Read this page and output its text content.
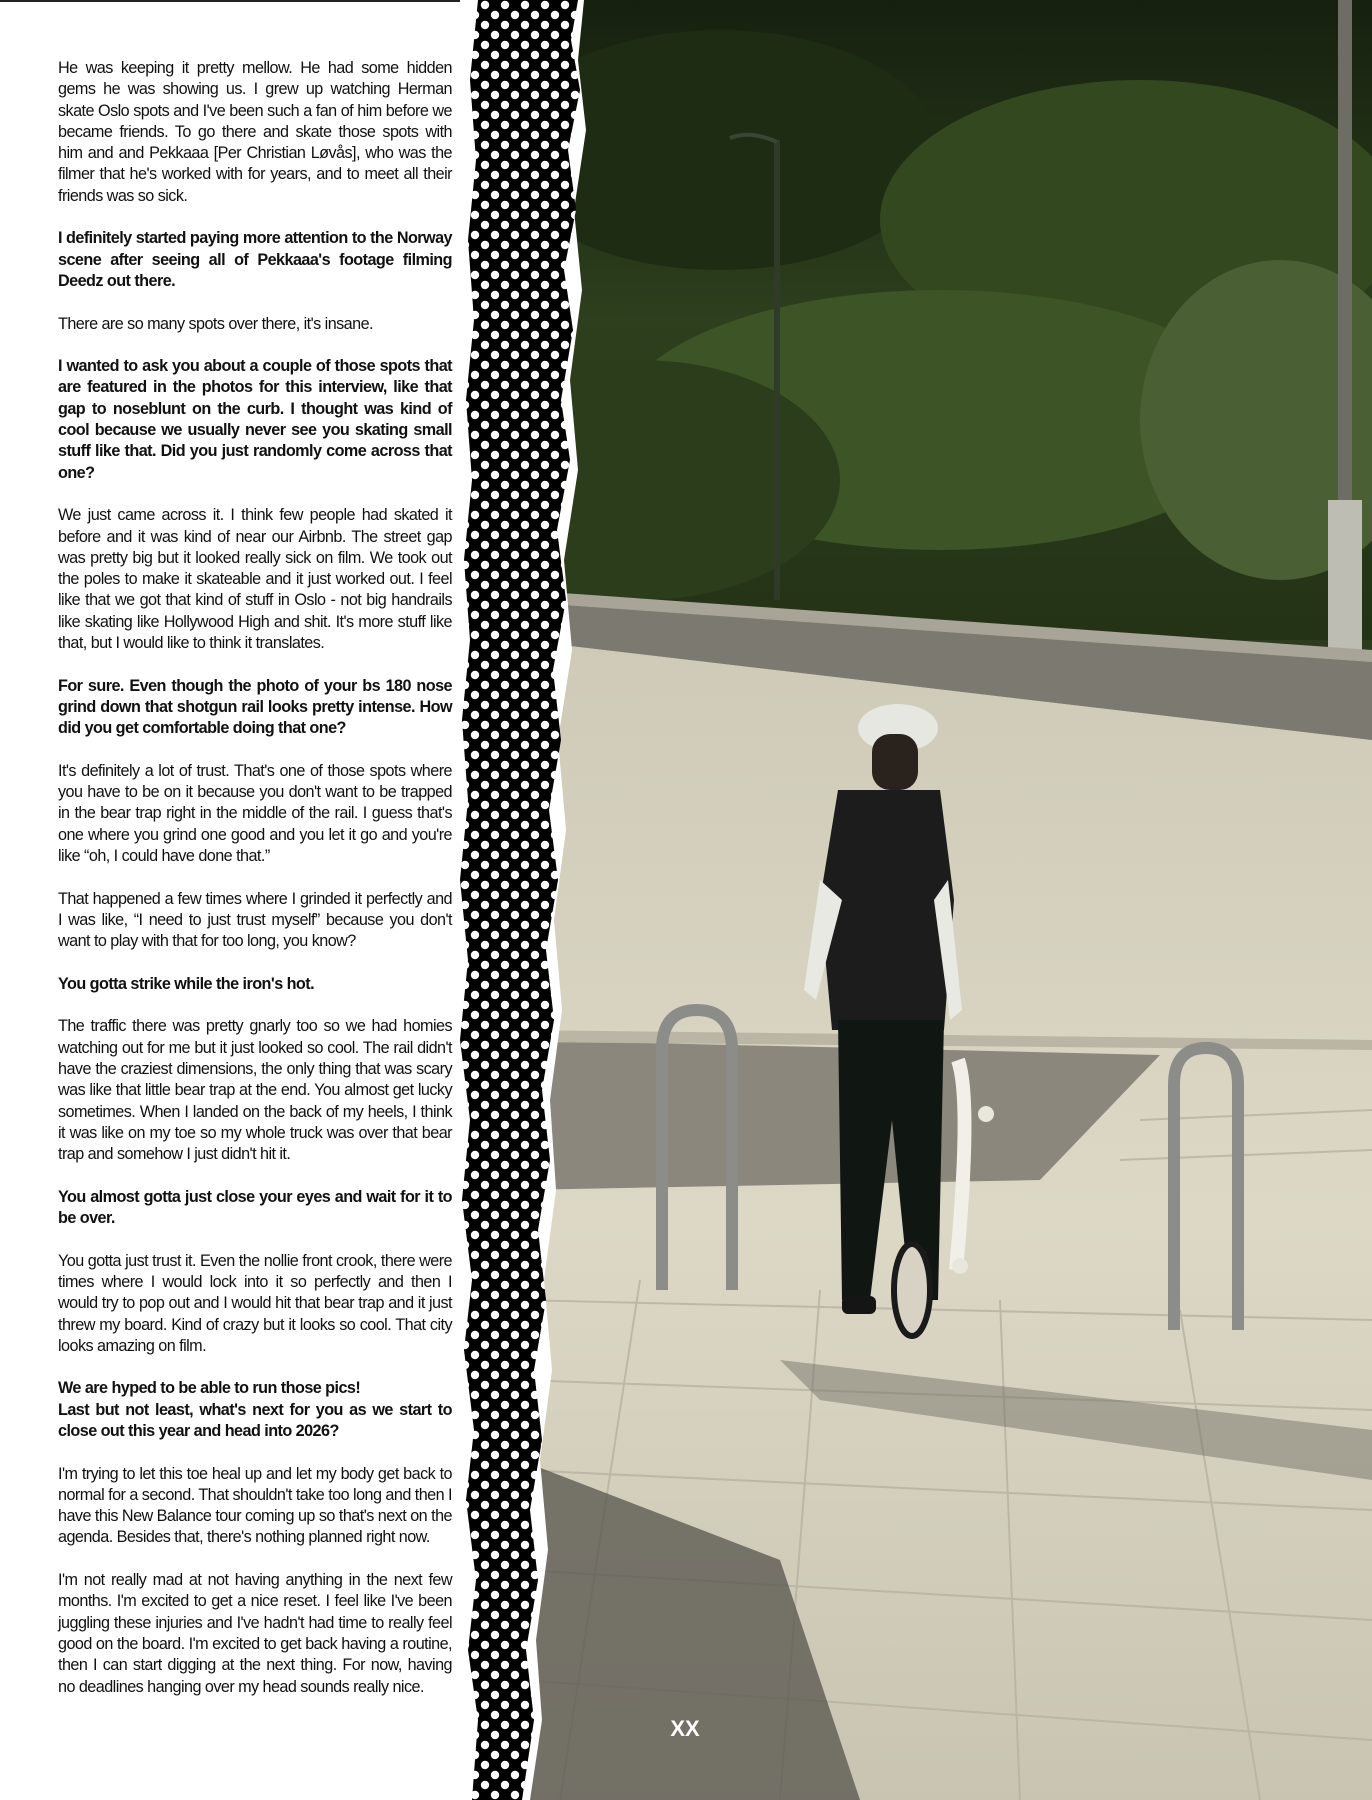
He was keeping it pretty mellow. He had some hidden gems he was showing us. I grew up watching Herman skate Oslo spots and I've been such a fan of him before we became friends. To go there and skate those spots with him and and Pekkaaa [Per Christian Løvås], who was the filmer that he's worked with for years, and to meet all their friends was so sick.

I definitely started paying more attention to the Norway scene after seeing all of Pekkaaa's footage filming Deedz out there.

There are so many spots over there, it's insane.

I wanted to ask you about a couple of those spots that are featured in the photos for this interview, like that gap to noseblunt on the curb. I thought was kind of cool because we usually never see you skating small stuff like that. Did you just randomly come across that one?

We just came across it. I think few people had skated it before and it was kind of near our Airbnb. The street gap was pretty big but it looked really sick on film. We took out the poles to make it skateable and it just worked out. I feel like that we got that kind of stuff in Oslo - not big handrails like skating like Hollywood High and shit. It's more stuff like that, but I would like to think it translates.

For sure. Even though the photo of your bs 180 nose grind down that shotgun rail looks pretty intense. How did you get comfortable doing that one?

It's definitely a lot of trust. That's one of those spots where you have to be on it because you don't want to be trapped in the bear trap right in the middle of the rail. I guess that's one where you grind one good and you let it go and you're like “oh, I could have done that.”

That happened a few times where I grinded it perfectly and I was like, “I need to just trust myself” because you don't want to play with that for too long, you know?

You gotta strike while the iron's hot.

The traffic there was pretty gnarly too so we had homies watching out for me but it just looked so cool. The rail didn't have the craziest dimensions, the only thing that was scary was like that little bear trap at the end. You almost get lucky sometimes. When I landed on the back of my heels, I think it was like on my toe so my whole truck was over that bear trap and somehow I just didn't hit it.

You almost gotta just close your eyes and wait for it to be over.

You gotta just trust it. Even the nollie front crook, there were times where I would lock into it so perfectly and then I would try to pop out and I would hit that bear trap and it just threw my board. Kind of crazy but it looks so cool. That city looks amazing on film.

We are hyped to be able to run those pics!
Last but not least, what's next for you as we start to close out this year and head into 2026?

I'm trying to let this toe heal up and let my body get back to normal for a second. That shouldn't take too long and then I have this New Balance tour coming up so that's next on the agenda. Besides that, there's nothing planned right now.

I'm not really mad at not having anything in the next few months. I'm excited to get a nice reset. I feel like I've been juggling these injuries and I've hadn't had time to really feel good on the board. I'm excited to get back having a routine, then I can start digging at the next thing. For now, having no deadlines hanging over my head sounds really nice.

XX
